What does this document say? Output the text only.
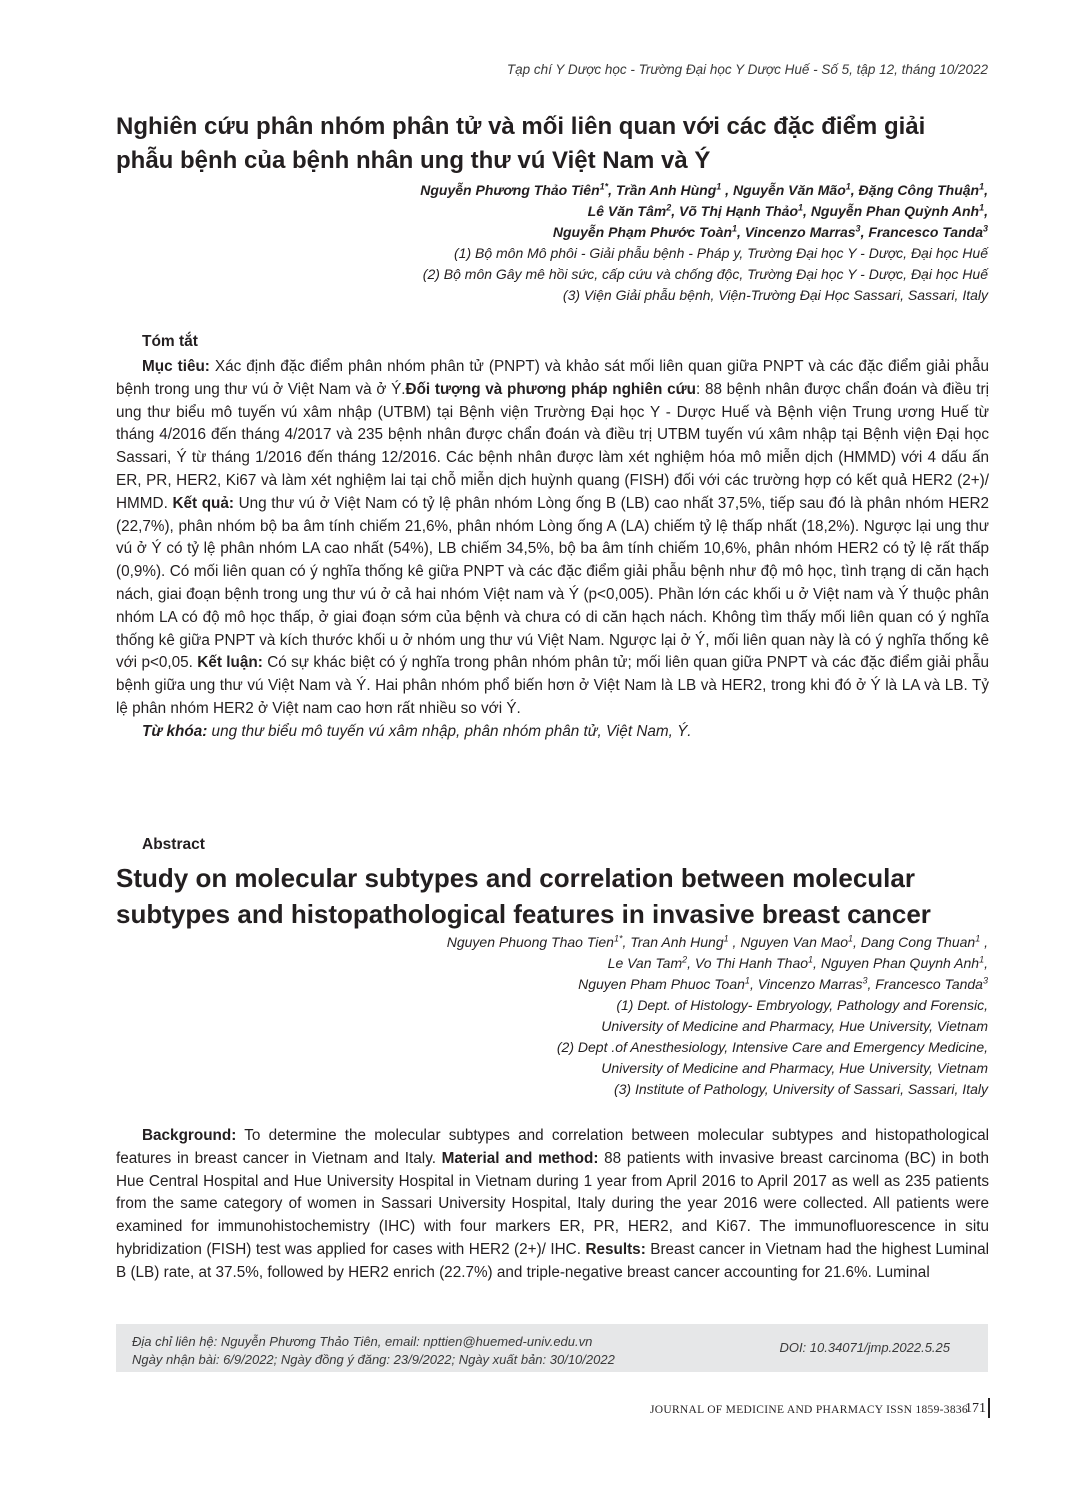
Tạp chí Y Dược học - Trường Đại học Y Dược Huế - Số 5, tập 12, tháng 10/2022
Nghiên cứu phân nhóm phân tử và mối liên quan với các đặc điểm giải
phẫu bệnh của bệnh nhân ung thư vú Việt Nam và Ý
Nguyễn Phương Thảo Tiên$^{1*}$, Trần Anh Hùng$^1$ , Nguyễn Văn Mão$^1$, Đặng Công Thuận$^1$,
Lê Văn Tâm$^2$, Võ Thị Hạnh Thảo$^1$, Nguyễn Phan Quỳnh Anh$^1$,
Nguyễn Phạm Phước Toàn$^1$, Vincenzo Marras$^3$, Francesco Tanda$^3$
(1) Bộ môn Mô phôi - Giải phẫu bệnh - Pháp y, Trường Đại học Y - Dược, Đại học Huế
(2) Bộ môn Gây mê hồi sức, cấp cứu và chống độc, Trường Đại học Y - Dược, Đại học Huế
(3) Viện Giải phẫu bệnh, Viện-Trường Đại Học Sassari, Sassari, Italy
Tóm tắt

Mục tiêu: Xác định đặc điểm phân nhóm phân tử (PNPT) và khảo sát mối liên quan giữa PNPT và các đặc điểm giải phẫu bệnh trong ung thư vú ở Việt Nam và ở Ý.Đối tượng và phương pháp nghiên cứu: 88 bệnh nhân được chẩn đoán và điều trị ung thư biểu mô tuyến vú xâm nhập (UTBM) tại Bệnh viện Trường Đại học Y - Dược Huế và Bệnh viện Trung ương Huế từ tháng 4/2016 đến tháng 4/2017 và 235 bệnh nhân được chẩn đoán và điều trị UTBM tuyến vú xâm nhập tại Bệnh viện Đại học Sassari, Ý từ tháng 1/2016 đến tháng 12/2016. Các bệnh nhân được làm xét nghiệm hóa mô miễn dịch (HMMD) với 4 dấu ấn ER, PR, HER2, Ki67 và làm xét nghiệm lai tại chỗ miễn dịch huỳnh quang (FISH) đối với các trường hợp có kết quả HER2 (2+)/ HMMD. Kết quả: Ung thư vú ở Việt Nam có tỷ lệ phân nhóm Lòng ống B (LB) cao nhất 37,5%, tiếp sau đó là phân nhóm HER2 (22,7%), phân nhóm bộ ba âm tính chiếm 21,6%, phân nhóm Lòng ống A (LA) chiếm tỷ lệ thấp nhất (18,2%). Ngược lại ung thư vú ở Ý có tỷ lệ phân nhóm LA cao nhất (54%), LB chiếm 34,5%, bộ ba âm tính chiếm 10,6%, phân nhóm HER2 có tỷ lệ rất thấp (0,9%). Có mối liên quan có ý nghĩa thống kê giữa PNPT và các đặc điểm giải phẫu bệnh như độ mô học, tình trạng di căn hạch nách, giai đoạn bệnh trong ung thư vú ở cả hai nhóm Việt nam và Ý (p<0,005). Phần lớn các khối u ở Việt nam và Ý thuộc phân nhóm LA có độ mô học thấp, ở giai đoạn sớm của bệnh và chưa có di căn hạch nách. Không tìm thấy mối liên quan có ý nghĩa thống kê giữa PNPT và kích thước khối u ở nhóm ung thư vú Việt Nam. Ngược lại ở Ý, mối liên quan này là có ý nghĩa thống kê với p<0,05. Kết luận: Có sự khác biệt có ý nghĩa trong phân nhóm phân tử; mối liên quan giữa PNPT và các đặc điểm giải phẫu bệnh giữa ung thư vú Việt Nam và Ý. Hai phân nhóm phổ biến hơn ở Việt Nam là LB và HER2, trong khi đó ở Ý là LA và LB. Tỷ lệ phân nhóm HER2 ở Việt nam cao hơn rất nhiều so với Ý.
Từ khóa: ung thư biểu mô tuyến vú xâm nhập, phân nhóm phân tử, Việt Nam, Ý.

Abstract
Study on molecular subtypes and correlation between molecular
subtypes and histopathological features in invasive breast cancer
Nguyen Phuong Thao Tien$^{1*}$, Tran Anh Hung$^1$ , Nguyen Van Mao$^1$, Dang Cong Thuan$^1$ ,
Le Van Tam$^2$, Vo Thi Hanh Thao$^1$, Nguyen Phan Quynh Anh$^1$,
Nguyen Pham Phuoc Toan$^1$, Vincenzo Marras$^3$, Francesco Tanda$^3$
(1) Dept. of Histology- Embryology, Pathology and Forensic,
University of Medicine and Pharmacy, Hue University, Vietnam
(2) Dept .of Anesthesiology, Intensive Care and Emergency Medicine,
University of Medicine and Pharmacy, Hue University, Vietnam
(3) Institute of Pathology, University of Sassari, Sassari, Italy

Background: To determine the molecular subtypes and correlation between molecular subtypes and histopathological features in breast cancer in Vietnam and Italy. Material and method: 88 patients with invasive breast carcinoma (BC) in both Hue Central Hospital and Hue University Hospital in Vietnam during 1 year from April 2016 to April 2017 as well as 235 patients from the same category of women in Sassari University Hospital, Italy during the year 2016 were collected. All patients were examined for immunohistochemistry (IHC) with four markers ER, PR, HER2, and Ki67. The immunofluorescence in situ hybridization (FISH) test was applied for cases with HER2 (2+)/ IHC. Results: Breast cancer in Vietnam had the highest Luminal B (LB) rate, at 37.5%, followed by HER2 enrich (22.7%) and triple-negative breast cancer accounting for 21.6%. Luminal

Địa chỉ liên hệ: Nguyễn Phương Thảo Tiên, email: npttien@huemed-univ.edu.vn
Ngày nhận bài: 6/9/2022; Ngày đồng ý đăng: 23/9/2022; Ngày xuất bản: 30/10/2022
DOI: 10.34071/jmp.2022.5.25
JOURNAL OF MEDICINE AND PHARMACY ISSN 1859-3836
171
